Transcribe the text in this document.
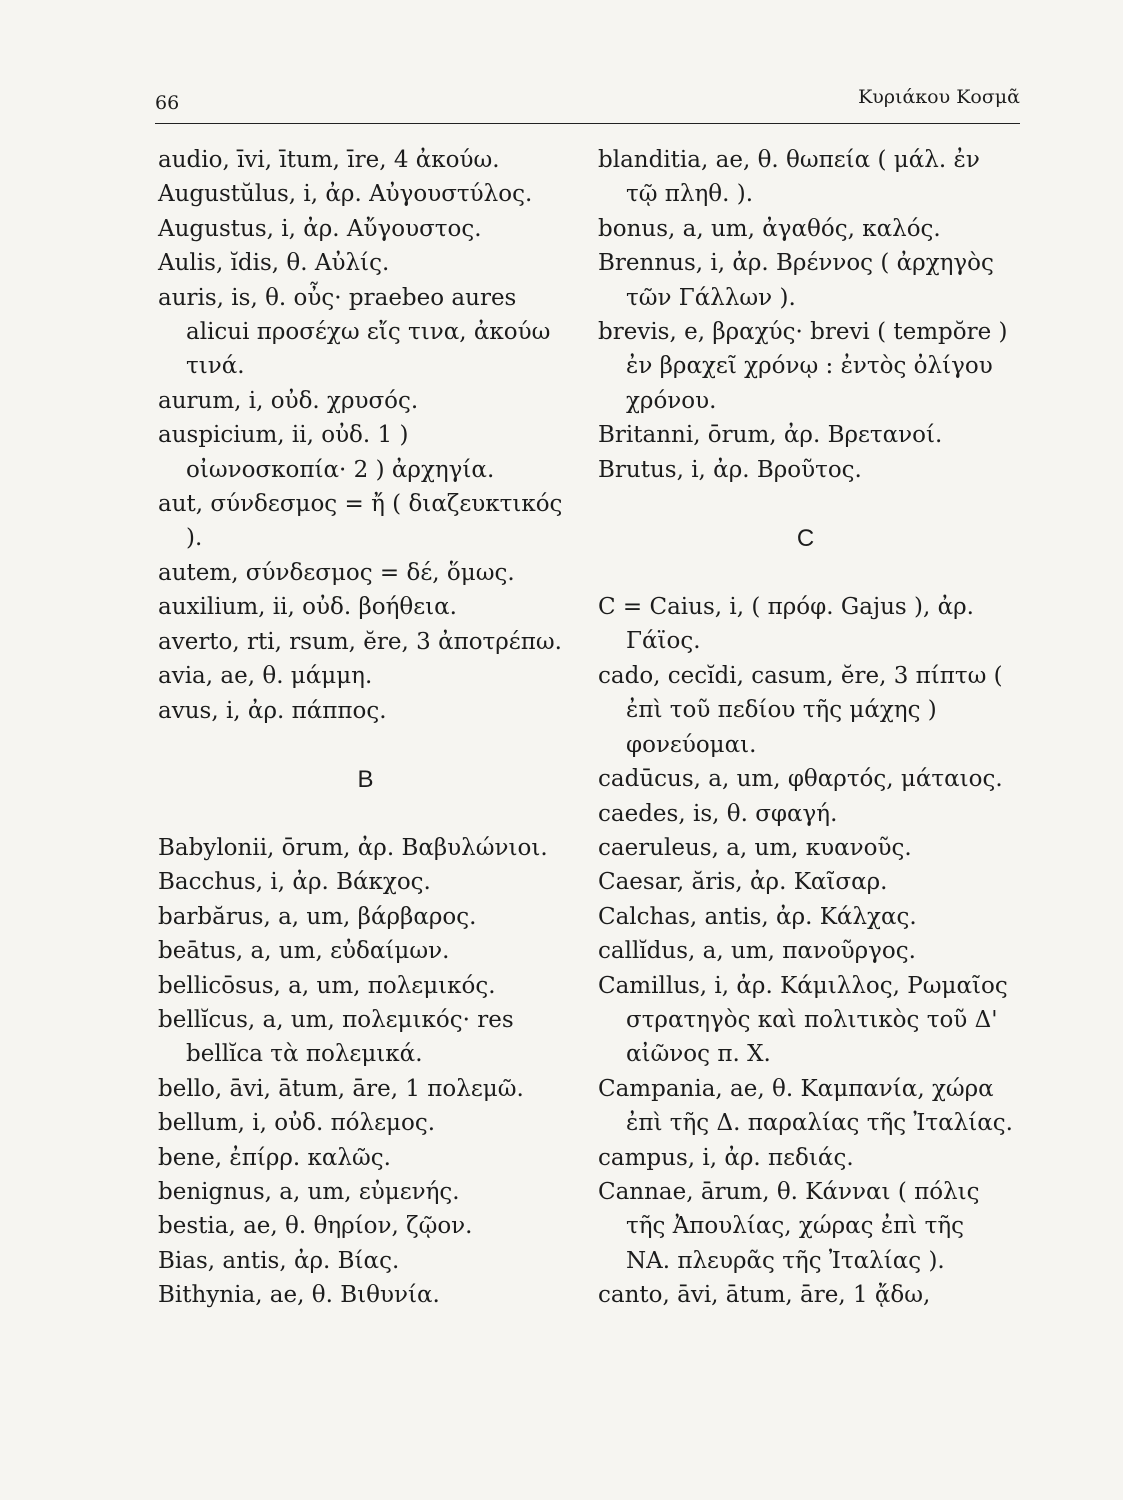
66	Κυριάκου Κοσμᾶ

audio, īvi, ītum, īre, 4 ἀκούω.

Augustŭlus, i, ἀρ. Αὐγουστύλος.

Augustus, i, ἀρ. Αὔγουστος.

Aulis, ĭdis, θ. Αὐλίς.

auris, is, θ. οὖς· praebeo aures alicui προσέχω εἴς τινα, ἀκούω τινά.

aurum, i, οὐδ. χρυσός.

auspicium, ii, οὐδ. 1 ) οἰωνοσκοπία· 2 ) ἀρχηγία.

aut, σύνδεσμος = ἤ ( διαζευκτικός ).

autem, σύνδεσμος = δέ, ὅμως.

auxilium, ii, οὐδ. βοήθεια.

averto, rti, rsum, ĕre, 3 ἀποτρέπω.

avia, ae, θ. μάμμη.

avus, i, ἀρ. πάππος.

B

Babylonii, ōrum, ἀρ. Βαβυλώνιοι.

Bacchus, i, ἀρ. Βάκχος.

barbărus, a, um, βάρβαρος.

beātus, a, um, εὐδαίμων.

bellicōsus, a, um, πολεμικός.

bellĭcus, a, um, πολεμικός· res bellĭca τὰ πολεμικά.

bello, āvi, ātum, āre, 1 πολεμῶ.

bellum, i, οὐδ. πόλεμος.

bene, ἐπίρρ. καλῶς.

benignus, a, um, εὐμενής.

bestia, ae, θ. θηρίον, ζῷον.

Bias, antis, ἀρ. Βίας.

Bithynia, ae, θ. Βιθυνία.

blanditia, ae, θ. θωπεία ( μάλ. ἐν τῷ πληθ. ).

bonus, a, um, ἀγαθός, καλός.

Brennus, i, ἀρ. Βρέννος ( ἀρχηγὸς τῶν Γάλλων ).

brevis, e, βραχύς· brevi ( tempŏre ) ἐν βραχεῖ χρόνῳ : ἐντὸς ὀλίγου χρόνου.

Britanni, ōrum, ἀρ. Βρετανοί.

Brutus, i, ἀρ. Βροῦτος.

C

C = Caius, i, ( πρόφ. Gajus ), ἀρ. Γάϊος.

cado, cecĭdi, casum, ĕre, 3 πίπτω ( ἐπὶ τοῦ πεδίου τῆς μάχης ) φονεύομαι.

cadūcus, a, um, φθαρτός, μάταιος.

caedes, is, θ. σφαγή.

caeruleus, a, um, κυανοῦς.

Caesar, ăris, ἀρ. Καῖσαρ.

Calchas, antis, ἀρ. Κάλχας.

callĭdus, a, um, πανοῦργος.

Camillus, i, ἀρ. Κάμιλλος, Ρωμαῖος στρατηγὸς καὶ πολιτικὸς τοῦ Δ' αἰῶνος π. Χ.

Campania, ae, θ. Καμπανία, χώρα ἐπὶ τῆς Δ. παραλίας τῆς Ἰταλίας.

campus, i, ἀρ. πεδιάς.

Cannae, ārum, θ. Κάνναι ( πόλις τῆς Ἀπουλίας, χώρας ἐπὶ τῆς ΝΑ. πλευρᾶς τῆς Ἰταλίας ).

canto, āvi, ātum, āre, 1 ᾄδω,
